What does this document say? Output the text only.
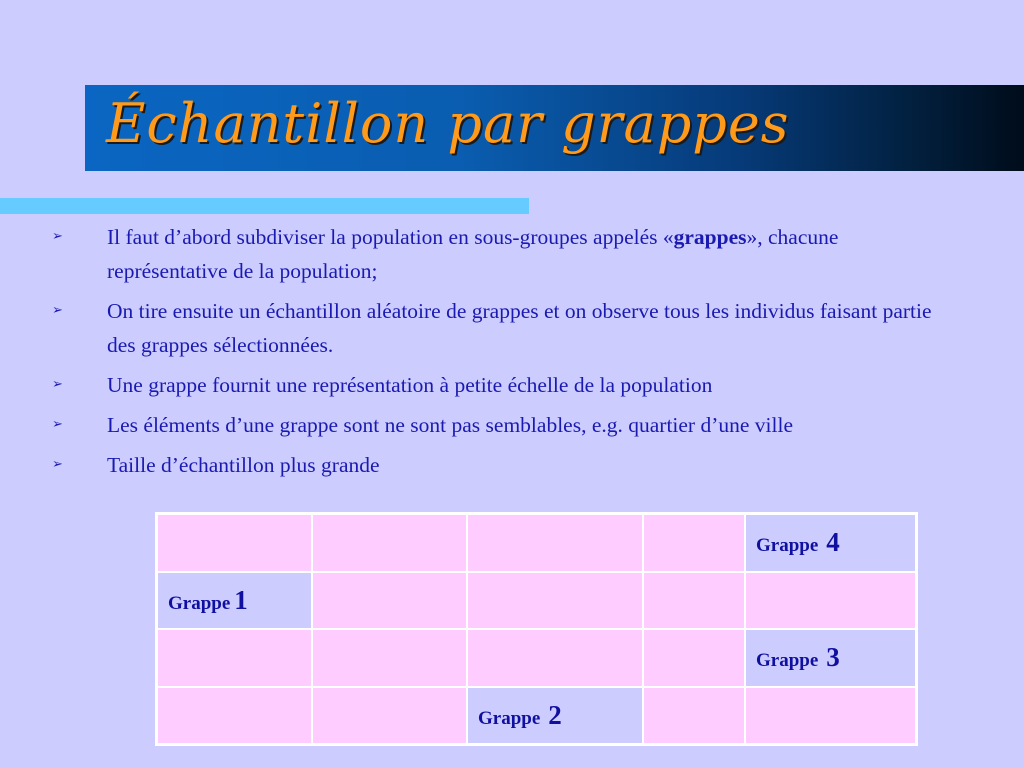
Échantillon par grappes
➢ Il faut d’abord subdiviser la population en sous-groupes appelés «grappes», chacune représentative de la population;
➢ On tire ensuite un échantillon aléatoire de grappes et on observe tous les individus faisant partie des grappes sélectionnées.
➢ Une grappe fournit une représentation à petite échelle de la population
➢ Les éléments d’une grappe sont ne sont pas semblables, e.g. quartier d’une ville
➢ Taille d’échantillon plus grande
				Grappe 4
Grappe 1				
				Grappe 3
		Grappe 2		
